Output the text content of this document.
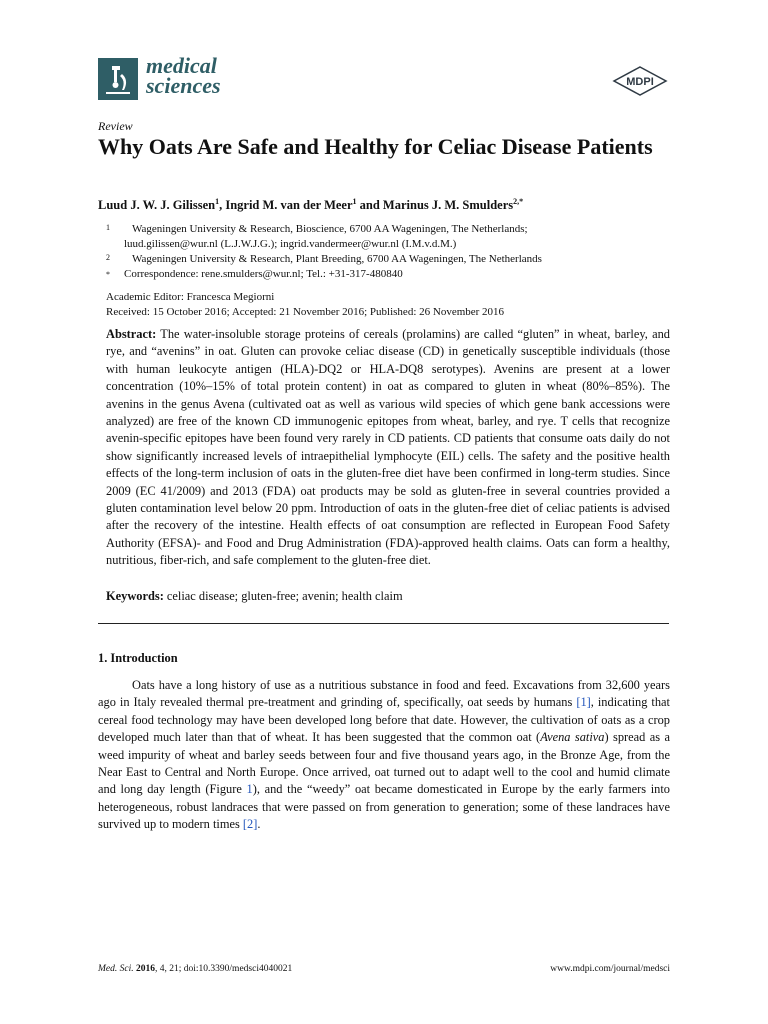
medical
sciences	MDPI
Review
Why Oats Are Safe and Healthy for Celiac Disease Patients
Luud J. W. J. Gilissen$^1$, Ingrid M. van der Meer$^1$ and Marinus J. M. Smulders$^{2,*}$
1 Wageningen University & Research, Bioscience, 6700 AA Wageningen, The Netherlands;
luud.gilissen@wur.nl (L.J.W.J.G.); ingrid.vandermeer@wur.nl (I.M.v.d.M.)
2 Wageningen University & Research, Plant Breeding, 6700 AA Wageningen, The Netherlands
* Correspondence: rene.smulders@wur.nl; Tel.: +31-317-480840
Academic Editor: Francesca Megiorni
Received: 15 October 2016; Accepted: 21 November 2016; Published: 26 November 2016
Abstract: The water-insoluble storage proteins of cereals (prolamins) are called “gluten” in wheat, barley, and rye, and “avenins” in oat. Gluten can provoke celiac disease (CD) in genetically susceptible individuals (those with human leukocyte antigen (HLA)-DQ2 or HLA-DQ8 serotypes). Avenins are present at a lower concentration (10%–15% of total protein content) in oat as compared to gluten in wheat (80%–85%). The avenins in the genus Avena (cultivated oat as well as various wild species of which gene bank accessions were analyzed) are free of the known CD immunogenic epitopes from wheat, barley, and rye. T cells that recognize avenin-specific epitopes have been found very rarely in CD patients. CD patients that consume oats daily do not show significantly increased levels of intraepithelial lymphocyte (EIL) cells. The safety and the positive health effects of the long-term inclusion of oats in the gluten-free diet have been confirmed in long-term studies. Since 2009 (EC 41/2009) and 2013 (FDA) oat products may be sold as gluten-free in several countries provided a gluten contamination level below 20 ppm. Introduction of oats in the gluten-free diet of celiac patients is advised after the recovery of the intestine. Health effects of oat consumption are reflected in European Food Safety Authority (EFSA)- and Food and Drug Administration (FDA)-approved health claims. Oats can form a healthy, nutritious, fiber-rich, and safe complement to the gluten-free diet.
Keywords: celiac disease; gluten-free; avenin; health claim
1. Introduction
Oats have a long history of use as a nutritious substance in food and feed. Excavations from 32,600 years ago in Italy revealed thermal pre-treatment and grinding of, specifically, oat seeds by humans [1], indicating that cereal food technology may have been developed long before that date. However, the cultivation of oats as a crop developed much later than that of wheat. It has been suggested that the common oat (Avena sativa) spread as a weed impurity of wheat and barley seeds between four and five thousand years ago, in the Bronze Age, from the Near East to Central and North Europe. Once arrived, oat turned out to adapt well to the cool and humid climate and long day length (Figure 1), and the “weedy” oat became domesticated in Europe by the early farmers into heterogeneous, robust landraces that were passed on from generation to generation; some of these landraces have survived up to modern times [2].
Med. Sci. 2016, 4, 21; doi:10.3390/medsci4040021	www.mdpi.com/journal/medsci
